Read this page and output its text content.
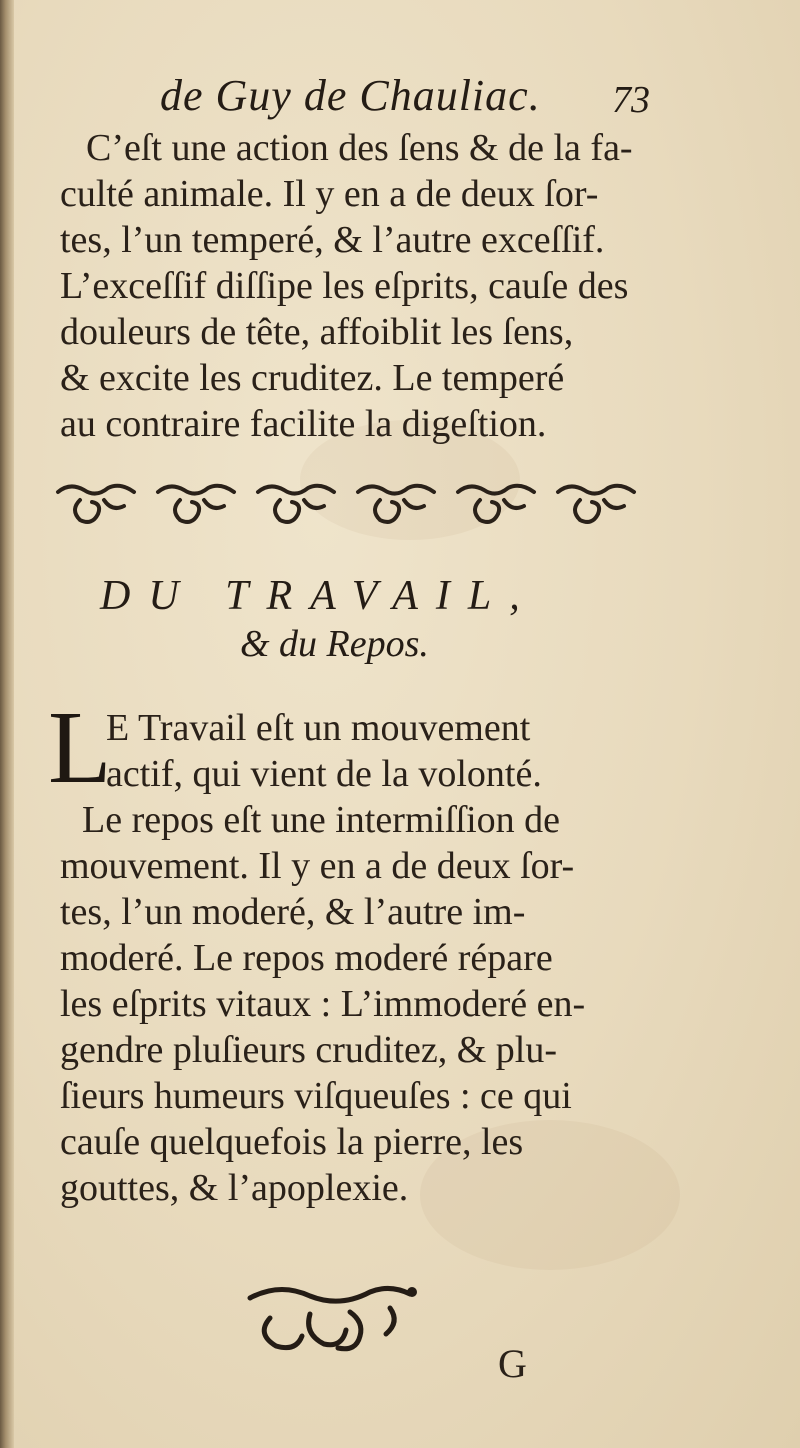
de Guy de Chauliac. 73
C’eſt une action des ſens & de la fa-
culté animale. Il y en a de deux ſor-
tes, l’un temperé, & l’autre exceſſif.
L’exceſſif diſſipe les eſprits, cauſe des
douleurs de tête, affoiblit les ſens,
& excite les cruditez. Le temperé
au contraire facilite la digeſtion.
DU TRAVAIL,
& du Repos.
L
E Travail eſt un mouvement
actif, qui vient de la volonté.
Le repos eſt une intermiſſion de
mouvement. Il y en a de deux ſor-
tes, l’un moderé, & l’autre im-
moderé. Le repos moderé répare
les eſprits vitaux : L’immoderé en-
gendre pluſieurs cruditez, & plu-
ſieurs humeurs viſqueuſes : ce qui
cauſe quelquefois la pierre, les
gouttes, & l’apoplexie.
G
